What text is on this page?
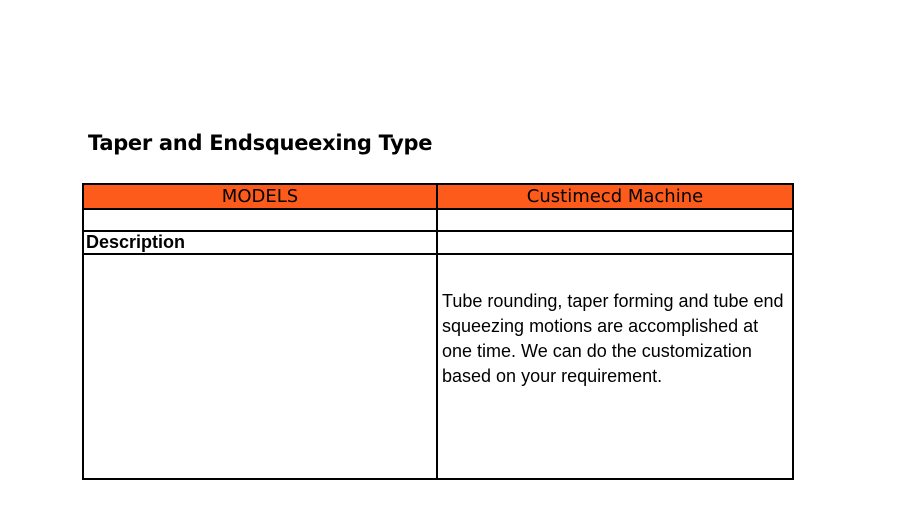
Taper and Endsqueexing Type
MODELS	Custimecd Machine

Description	
	Tube rounding, taper forming and tube end squeezing motions are accomplished at one time. We can do the customization based on your requirement.
